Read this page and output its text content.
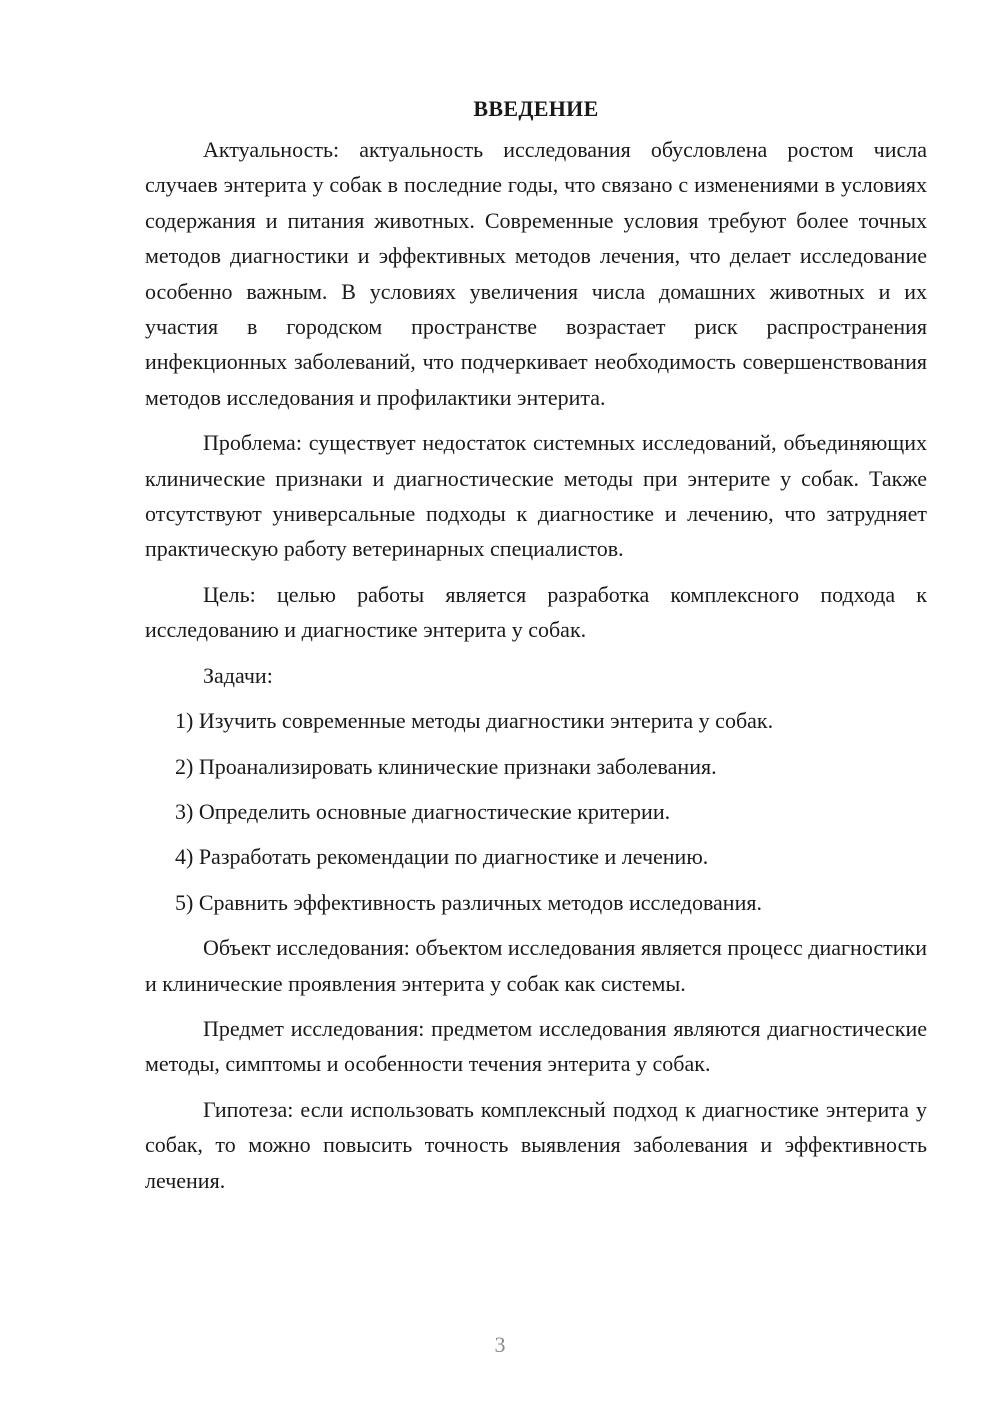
ВВЕДЕНИЕ

Актуальность: актуальность исследования обусловлена ростом числа случаев энтерита у собак в последние годы, что связано с изменениями в условиях содержания и питания животных. Современные условия требуют более точных методов диагностики и эффективных методов лечения, что делает исследование особенно важным. В условиях увеличения числа домашних животных и их участия в городском пространстве возрастает риск распространения инфекционных заболеваний, что подчеркивает необходимость совершенствования методов исследования и профилактики энтерита.

Проблема: существует недостаток системных исследований, объединяющих клинические признаки и диагностические методы при энтерите у собак. Также отсутствуют универсальные подходы к диагностике и лечению, что затрудняет практическую работу ветеринарных специалистов.

Цель: целью работы является разработка комплексного подхода к исследованию и диагностике энтерита у собак.

Задачи:

1) Изучить современные методы диагностики энтерита у собак.
2) Проанализировать клинические признаки заболевания.
3) Определить основные диагностические критерии.
4) Разработать рекомендации по диагностике и лечению.
5) Сравнить эффективность различных методов исследования.

Объект исследования: объектом исследования является процесс диагностики и клинические проявления энтерита у собак как системы.

Предмет исследования: предметом исследования являются диагностические методы, симптомы и особенности течения энтерита у собак.

Гипотеза: если использовать комплексный подход к диагностике энтерита у собак, то можно повысить точность выявления заболевания и эффективность лечения.

3
